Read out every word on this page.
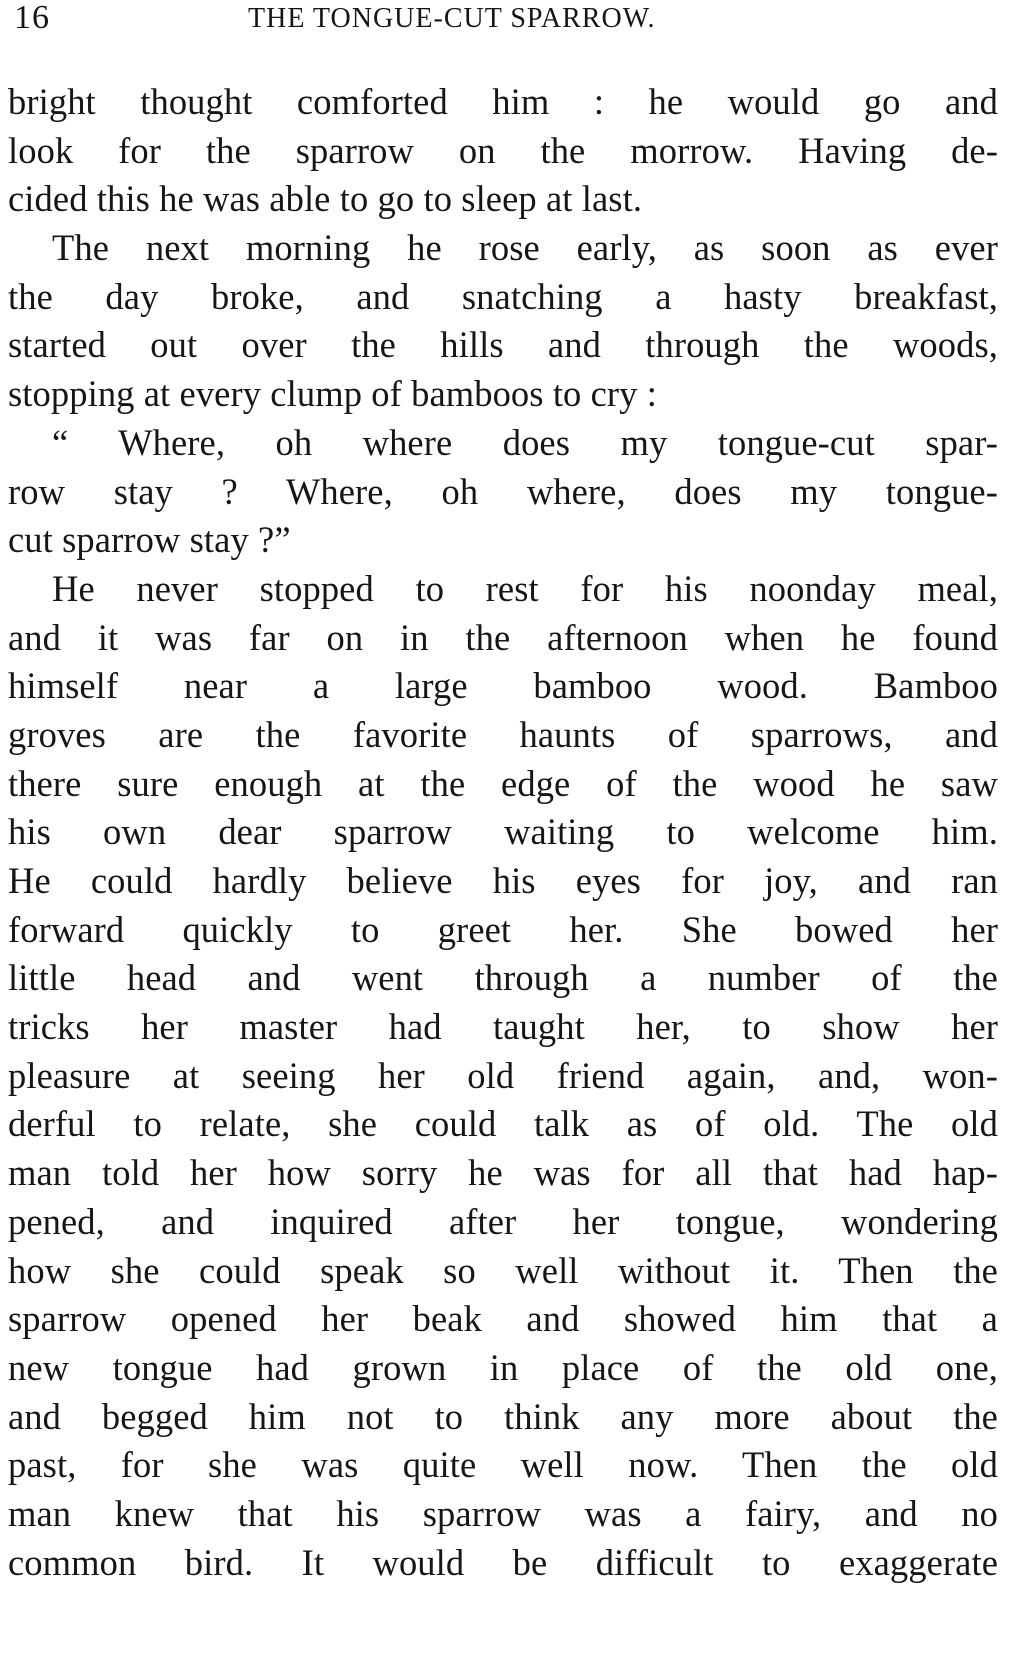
16	THE TONGUE-CUT SPARROW.
bright thought comforted him : he would go and
look for the sparrow on the morrow. Having de-
cided this he was able to go to sleep at last.
The next morning he rose early, as soon as ever
the day broke, and snatching a hasty breakfast,
started out over the hills and through the woods,
stopping at every clump of bamboos to cry :
“ Where, oh where does my tongue-cut spar-
row stay ? Where, oh where, does my tongue-
cut sparrow stay ?”
He never stopped to rest for his noonday meal,
and it was far on in the afternoon when he found
himself near a large bamboo wood. Bamboo
groves are the favorite haunts of sparrows, and
there sure enough at the edge of the wood he saw
his own dear sparrow waiting to welcome him.
He could hardly believe his eyes for joy, and ran
forward quickly to greet her. She bowed her
little head and went through a number of the
tricks her master had taught her, to show her
pleasure at seeing her old friend again, and, won-
derful to relate, she could talk as of old. The old
man told her how sorry he was for all that had hap-
pened, and inquired after her tongue, wondering
how she could speak so well without it. Then the
sparrow opened her beak and showed him that a
new tongue had grown in place of the old one,
and begged him not to think any more about the
past, for she was quite well now. Then the old
man knew that his sparrow was a fairy, and no
common bird. It would be difficult to exaggerate
